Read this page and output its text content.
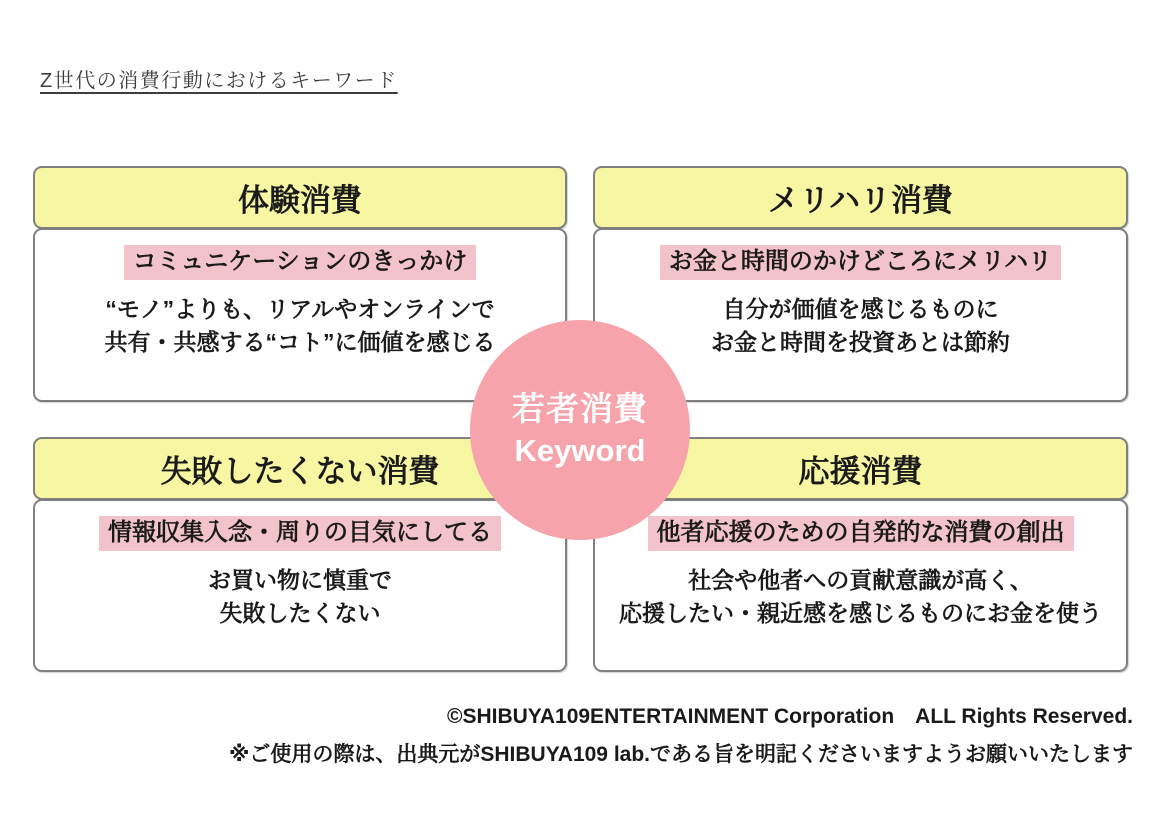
Z世代の消費行動におけるキーワード
体験消費
コミュニケーションのきっかけ
“モノ”よりも、リアルやオンラインで
共有・共感する“コト”に価値を感じる
メリハリ消費
お金と時間のかけどころにメリハリ
自分が価値を感じるものに
お金と時間を投資あとは節約
失敗したくない消費
情報収集入念・周りの目気にしてる
お買い物に慎重で
失敗したくない
応援消費
他者応援のための自発的な消費の創出
社会や他者への貢献意識が高く、
応援したい・親近感を感じるものにお金を使う
若者消費
Keyword
©SHIBUYA109ENTERTAINMENT Corporation　ALL Rights Reserved.
※ご使用の際は、出典元がSHIBUYA109 lab.である旨を明記くださいますようお願いいたします
